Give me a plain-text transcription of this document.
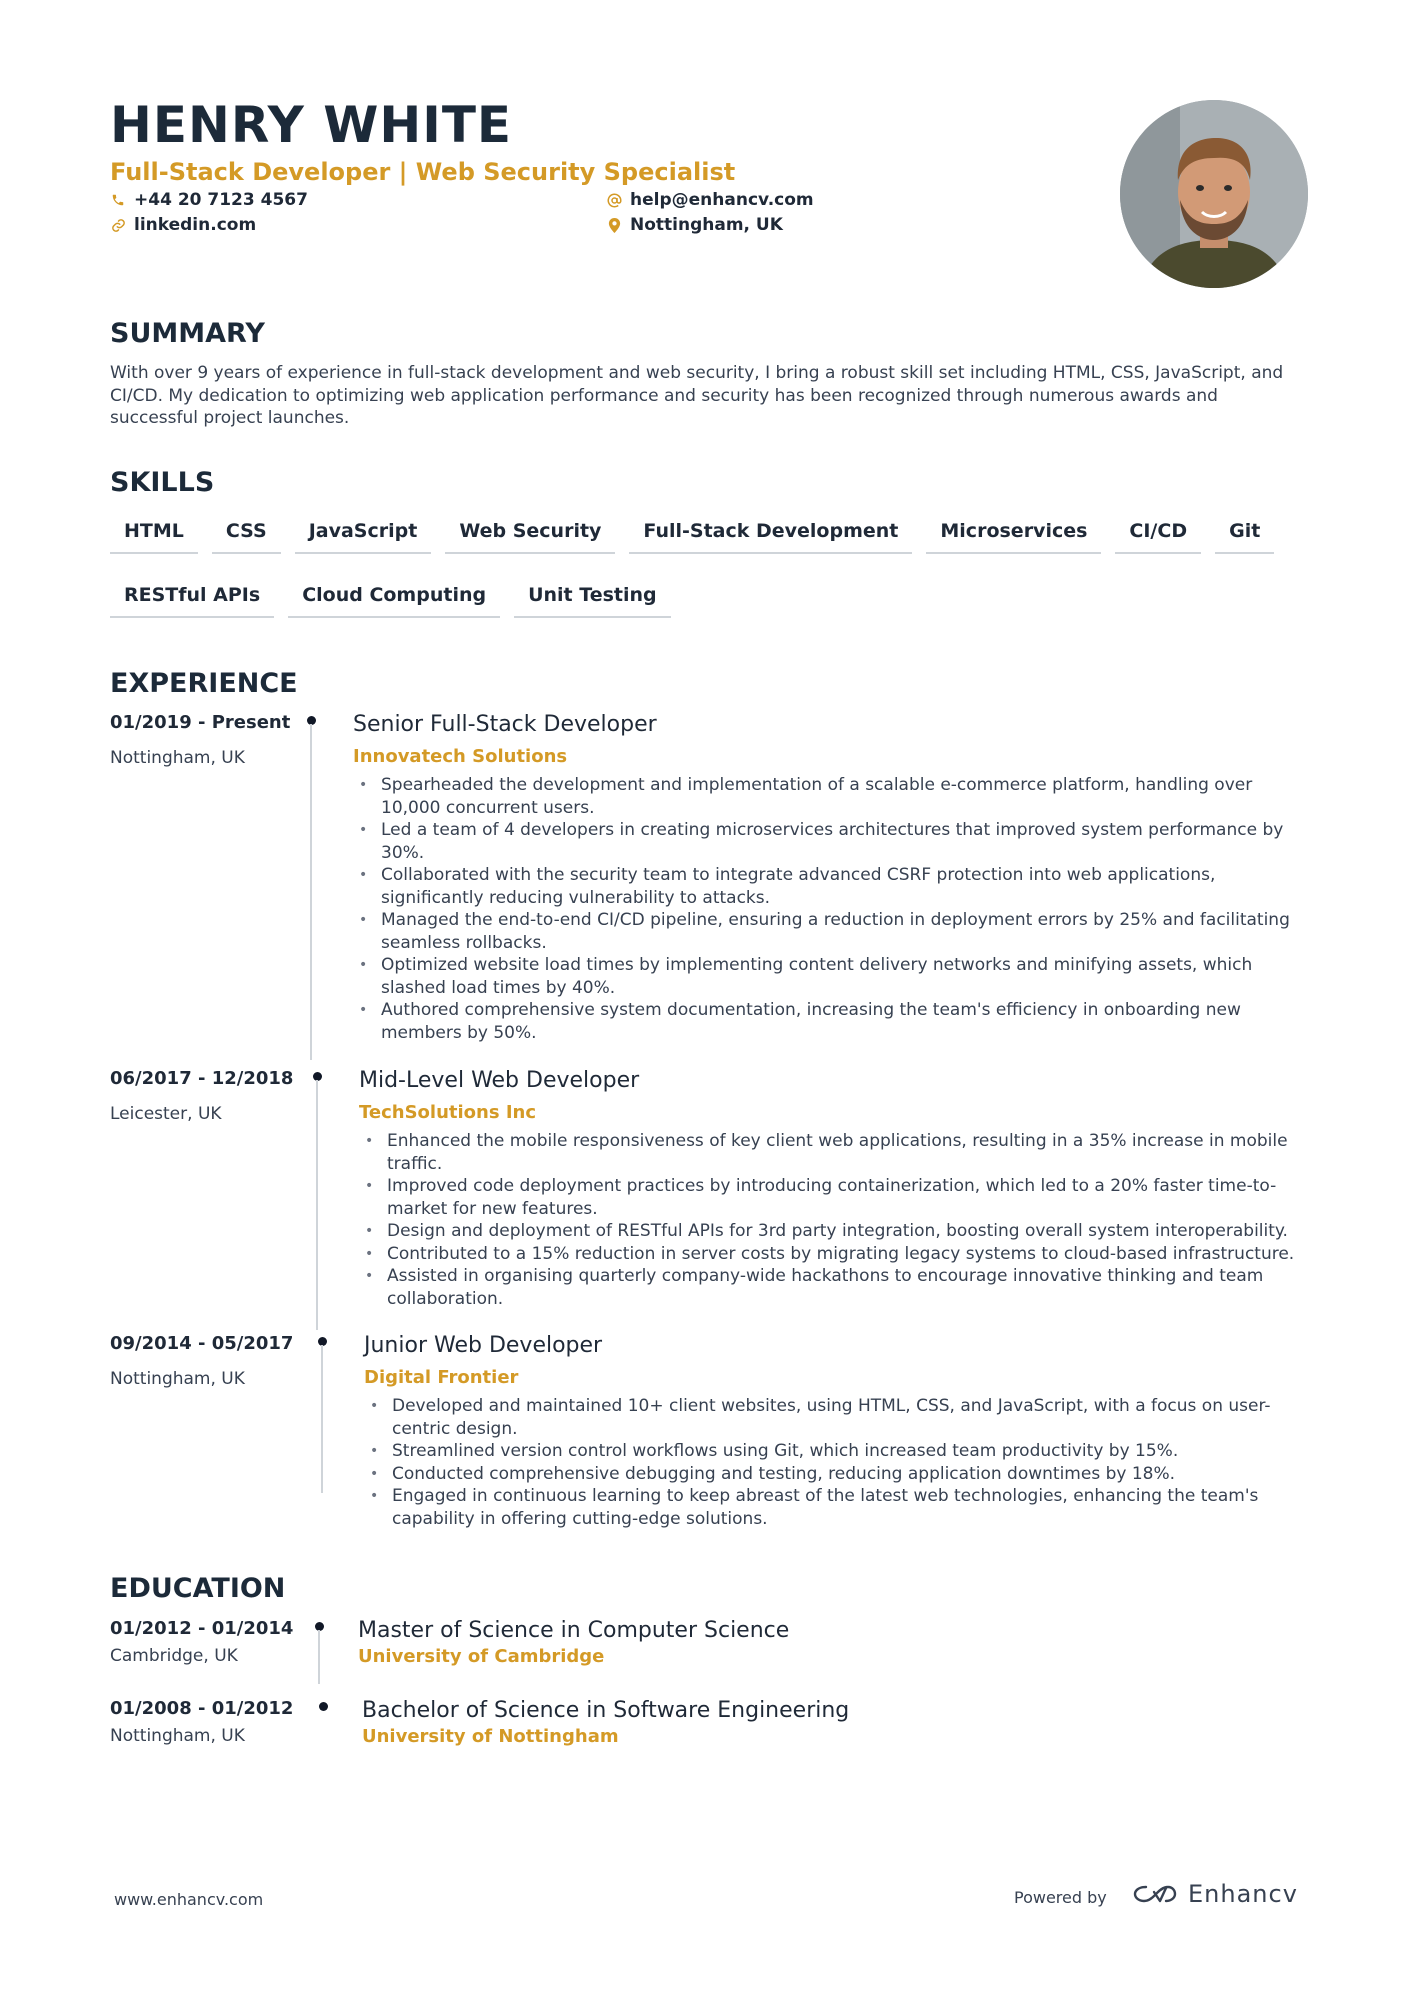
HENRY WHITE
Full-Stack Developer | Web Security Specialist
+44 20 7123 4567
linkedin.com
help@enhancv.com
Nottingham, UK
SUMMARY
With over 9 years of experience in full-stack development and web security, I bring a robust skill set including HTML, CSS, JavaScript, and CI/CD. My dedication to optimizing web application performance and security has been recognized through numerous awards and successful project launches.
SKILLS
HTML	CSS	JavaScript	Web Security	Full-Stack Development	Microservices	CI/CD	Git
RESTful APIs	Cloud Computing	Unit Testing
EXPERIENCE
01/2019 - Present
Nottingham, UK
Senior Full-Stack Developer
Innovatech Solutions
• Spearheaded the development and implementation of a scalable e-commerce platform, handling over 10,000 concurrent users.
• Led a team of 4 developers in creating microservices architectures that improved system performance by 30%.
• Collaborated with the security team to integrate advanced CSRF protection into web applications, significantly reducing vulnerability to attacks.
• Managed the end-to-end CI/CD pipeline, ensuring a reduction in deployment errors by 25% and facilitating seamless rollbacks.
• Optimized website load times by implementing content delivery networks and minifying assets, which slashed load times by 40%.
• Authored comprehensive system documentation, increasing the team's efficiency in onboarding new members by 50%.
06/2017 - 12/2018
Leicester, UK
Mid-Level Web Developer
TechSolutions Inc
• Enhanced the mobile responsiveness of key client web applications, resulting in a 35% increase in mobile traffic.
• Improved code deployment practices by introducing containerization, which led to a 20% faster time-to-market for new features.
• Design and deployment of RESTful APIs for 3rd party integration, boosting overall system interoperability.
• Contributed to a 15% reduction in server costs by migrating legacy systems to cloud-based infrastructure.
• Assisted in organising quarterly company-wide hackathons to encourage innovative thinking and team collaboration.
09/2014 - 05/2017
Nottingham, UK
Junior Web Developer
Digital Frontier
• Developed and maintained 10+ client websites, using HTML, CSS, and JavaScript, with a focus on user-centric design.
• Streamlined version control workflows using Git, which increased team productivity by 15%.
• Conducted comprehensive debugging and testing, reducing application downtimes by 18%.
• Engaged in continuous learning to keep abreast of the latest web technologies, enhancing the team's capability in offering cutting-edge solutions.
EDUCATION
01/2012 - 01/2014
Cambridge, UK
Master of Science in Computer Science
University of Cambridge
01/2008 - 01/2012
Nottingham, UK
Bachelor of Science in Software Engineering
University of Nottingham
www.enhancv.com	Powered by	Enhancv
